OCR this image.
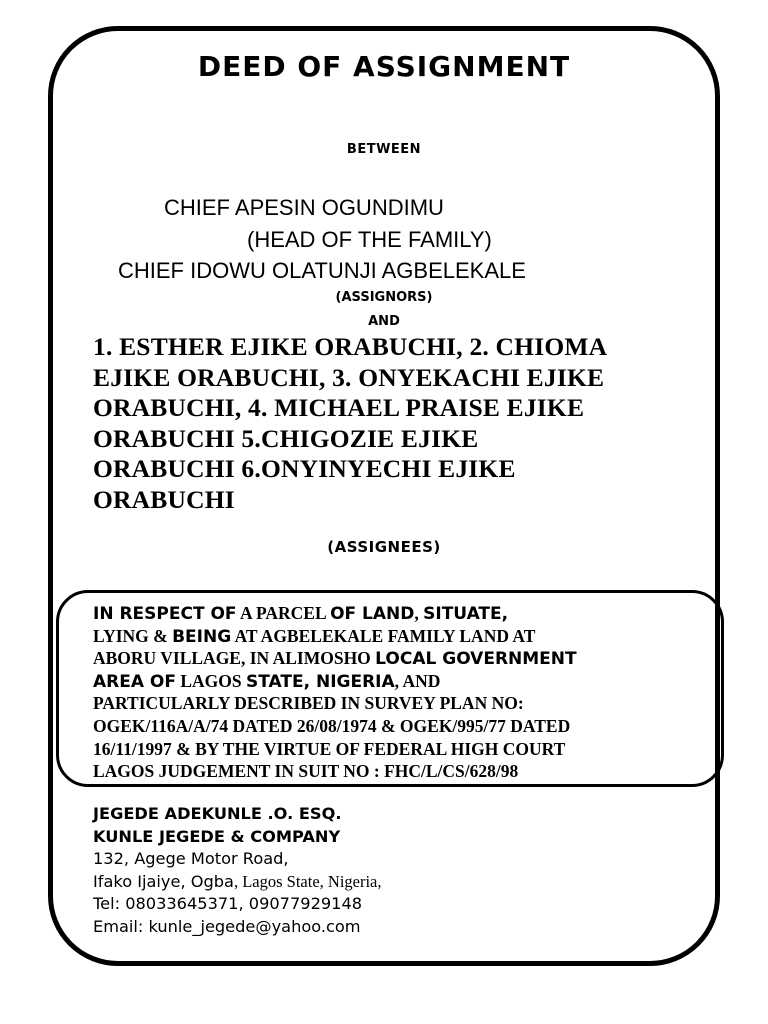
DEED OF ASSIGNMENT
BETWEEN
CHIEF APESIN OGUNDIMU
(HEAD OF THE FAMILY)
CHIEF IDOWU OLATUNJI AGBELEKALE
(ASSIGNORS)
AND
1. ESTHER EJIKE ORABUCHI, 2. CHIOMA
EJIKE ORABUCHI, 3. ONYEKACHI EJIKE
ORABUCHI, 4. MICHAEL PRAISE EJIKE
ORABUCHI 5.CHIGOZIE EJIKE
ORABUCHI 6.ONYINYECHI EJIKE
ORABUCHI
(ASSIGNEES)
IN RESPECT OF A PARCEL OF LAND, SITUATE,
LYING & BEING AT AGBELEKALE FAMILY LAND AT
ABORU VILLAGE, IN ALIMOSHO LOCAL GOVERNMENT
AREA OF LAGOS STATE, NIGERIA, AND
PARTICULARLY DESCRIBED IN SURVEY PLAN NO:
OGEK/116A/A/74 DATED 26/08/1974 & OGEK/995/77 DATED
16/11/1997 & BY THE VIRTUE OF FEDERAL HIGH COURT
LAGOS JUDGEMENT IN SUIT NO : FHC/L/CS/628/98
JEGEDE ADEKUNLE .O. ESQ.
KUNLE JEGEDE & COMPANY
132, Agege Motor Road,
Ifako Ijaiye, Ogba, Lagos State, Nigeria,
Tel: 08033645371, 09077929148
Email: kunle_jegede@yahoo.com
